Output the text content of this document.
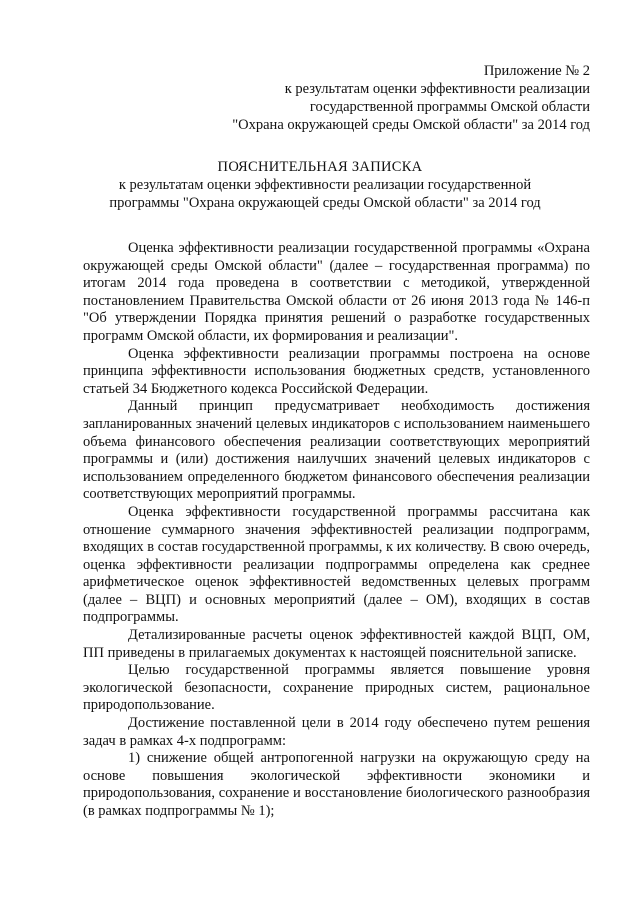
Приложение № 2
к результатам оценки эффективности реализации
государственной программы Омской области
"Охрана окружающей среды Омской области" за 2014 год
ПОЯСНИТЕЛЬНАЯ ЗАПИСКА
к результатам оценки эффективности реализации государственной
программы "Охрана окружающей среды Омской области" за 2014 год

Оценка эффективности реализации государственной программы «Охрана окружающей среды Омской области" (далее – государственная программа) по итогам 2014 года проведена в соответствии с методикой, утвержденной постановлением Правительства Омской области от 26 июня 2013 года № 146-п "Об утверждении Порядка принятия решений о разработке государственных программ Омской области, их формирования и реализации".

Оценка эффективности реализации программы построена на основе принципа эффективности использования бюджетных средств, установленного статьей 34 Бюджетного кодекса Российской Федерации.

Данный принцип предусматривает необходимость достижения запланированных значений целевых индикаторов с использованием наименьшего объема финансового обеспечения реализации соответствующих мероприятий программы и (или) достижения наилучших значений целевых индикаторов с использованием определенного бюджетом финансового обеспечения реализации соответствующих мероприятий программы.

Оценка эффективности государственной программы рассчитана как отношение суммарного значения эффективностей реализации подпрограмм, входящих в состав государственной программы, к их количеству. В свою очередь, оценка эффективности реализации подпрограммы определена как среднее арифметическое оценок эффективностей ведомственных целевых программ (далее – ВЦП) и основных мероприятий (далее – ОМ), входящих в состав подпрограммы.

Детализированные расчеты оценок эффективностей каждой ВЦП, ОМ, ПП приведены в прилагаемых документах к настоящей пояснительной записке.

Целью государственной программы является повышение уровня экологической безопасности, сохранение природных систем, рациональное природопользование.

Достижение поставленной цели в 2014 году обеспечено путем решения задач в рамках 4-х подпрограмм:

1) снижение общей антропогенной нагрузки на окружающую среду на основе повышения экологической эффективности экономики и природопользования, сохранение и восстановление биологического разнообразия (в рамках подпрограммы № 1);
